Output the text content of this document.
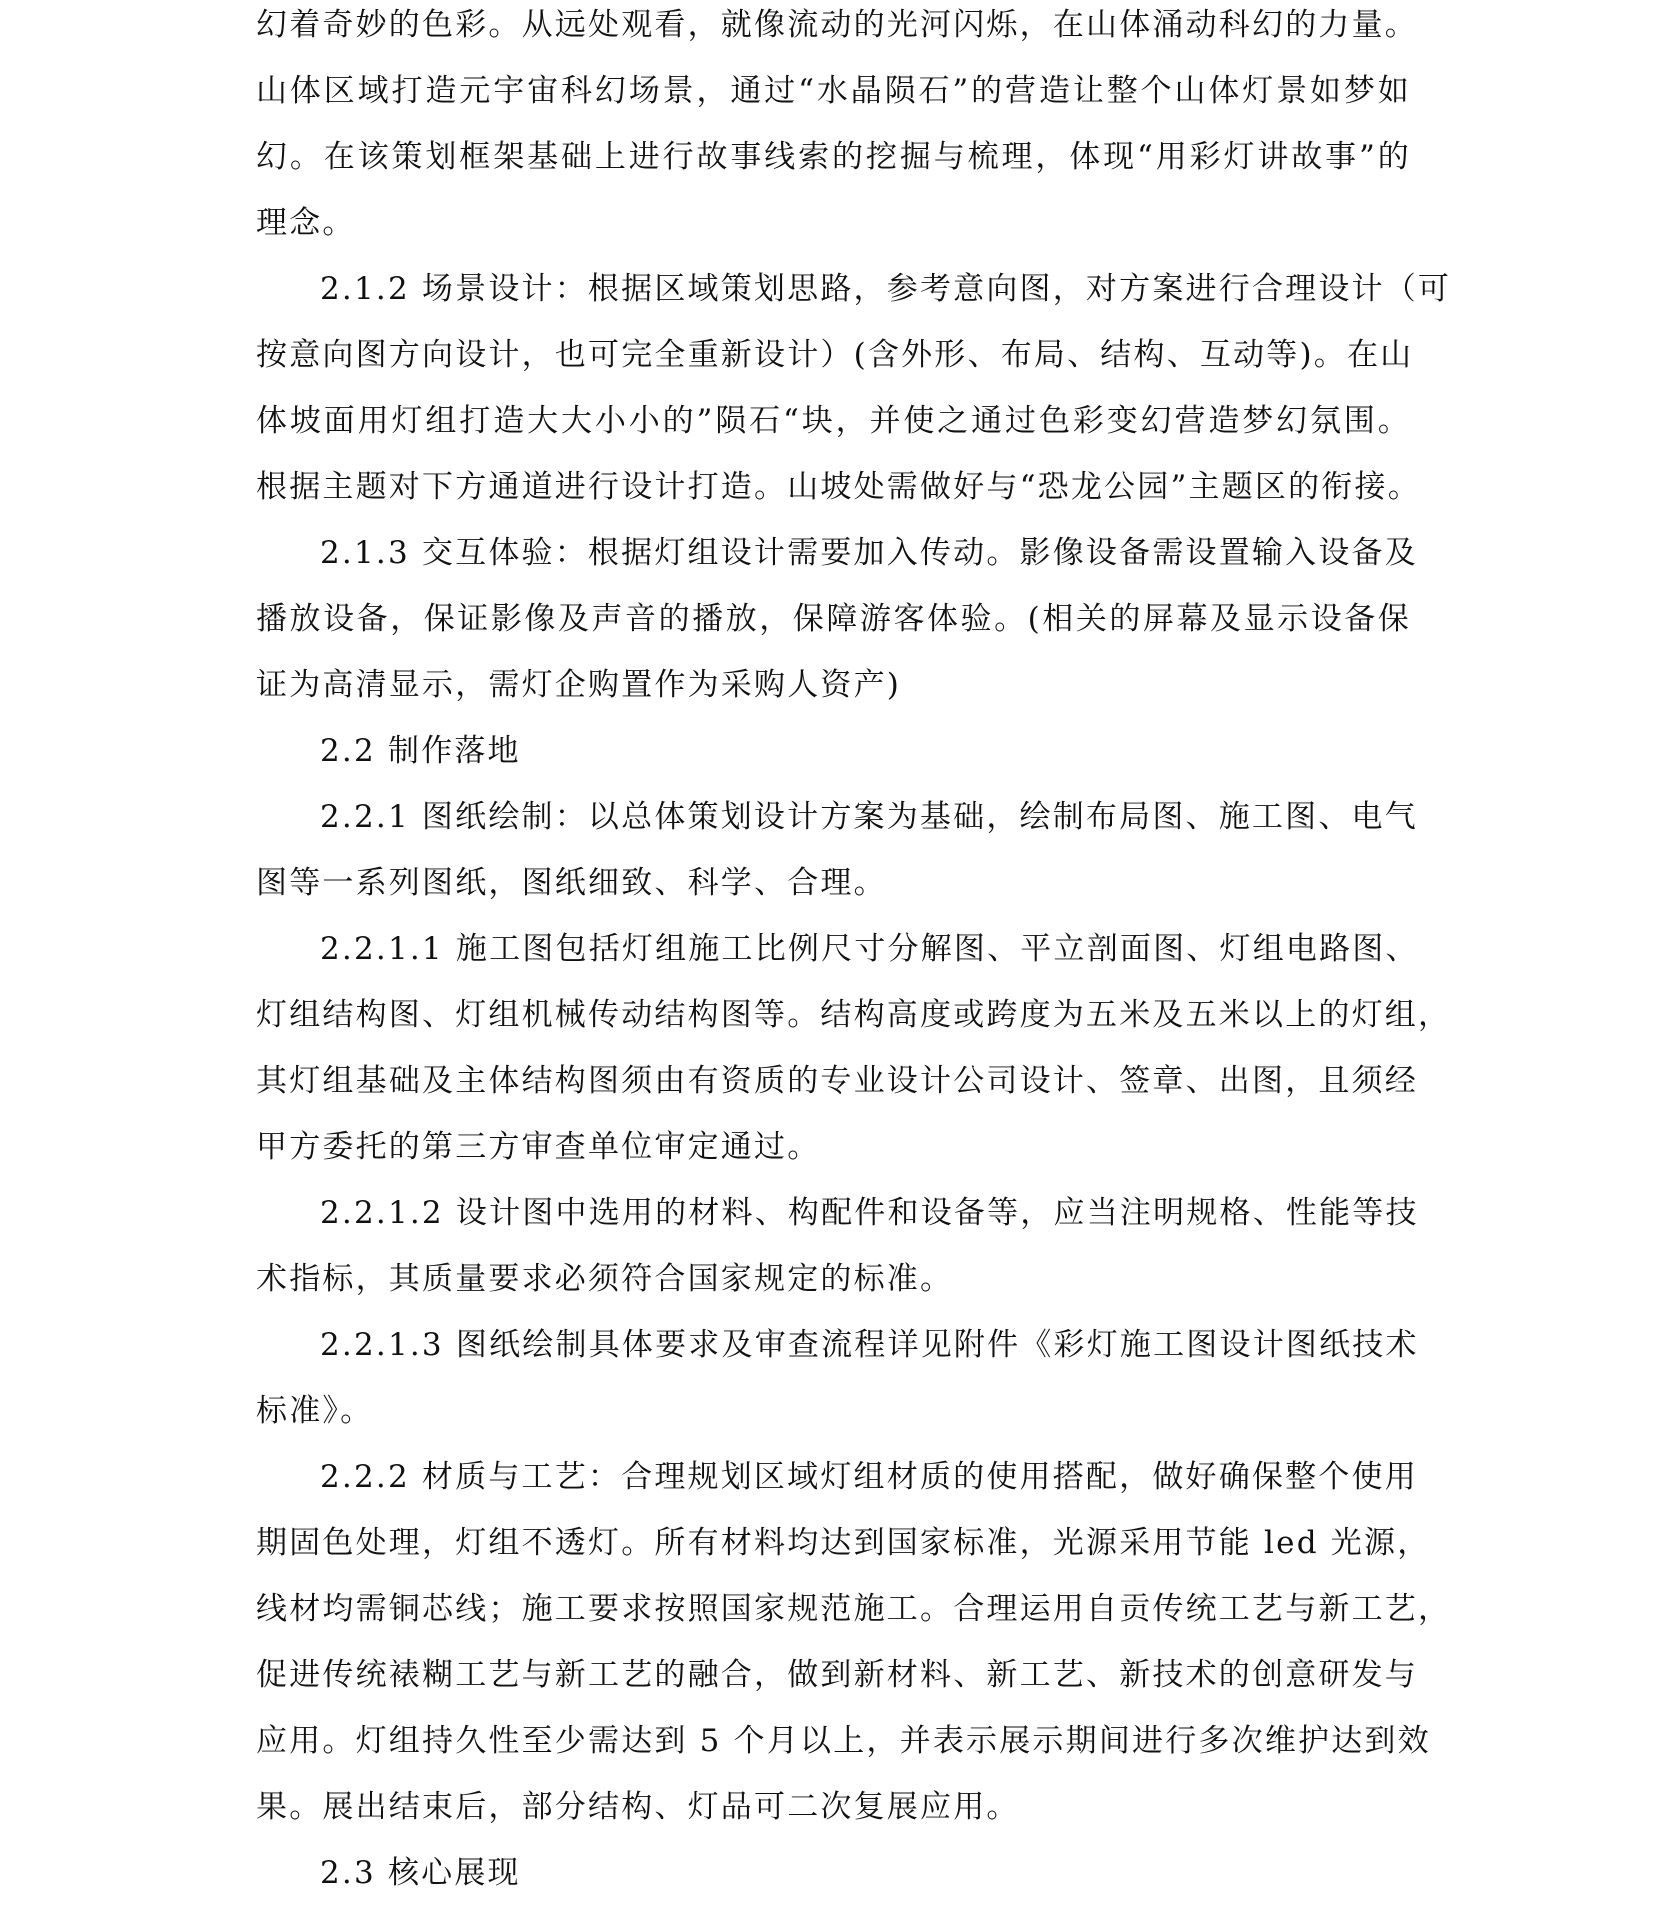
幻着奇妙的色彩。从远处观看，就像流动的光河闪烁，在山体涌动科幻的力量。
山体区域打造元宇宙科幻场景，通过“水晶陨石”的营造让整个山体灯景如梦如
幻。在该策划框架基础上进行故事线索的挖掘与梳理，体现“用彩灯讲故事”的
理念。
2.1.2 场景设计：根据区域策划思路，参考意向图，对方案进行合理设计（可
按意向图方向设计，也可完全重新设计）(含外形、布局、结构、互动等)。在山
体坡面用灯组打造大大小小的”陨石“块，并使之通过色彩变幻营造梦幻氛围。
根据主题对下方通道进行设计打造。山坡处需做好与“恐龙公园”主题区的衔接。
2.1.3 交互体验：根据灯组设计需要加入传动。影像设备需设置输入设备及
播放设备，保证影像及声音的播放，保障游客体验。(相关的屏幕及显示设备保
证为高清显示，需灯企购置作为采购人资产)
2.2 制作落地
2.2.1 图纸绘制：以总体策划设计方案为基础，绘制布局图、施工图、电气
图等一系列图纸，图纸细致、科学、合理。
2.2.1.1 施工图包括灯组施工比例尺寸分解图、平立剖面图、灯组电路图、
灯组结构图、灯组机械传动结构图等。结构高度或跨度为五米及五米以上的灯组，
其灯组基础及主体结构图须由有资质的专业设计公司设计、签章、出图，且须经
甲方委托的第三方审查单位审定通过。
2.2.1.2 设计图中选用的材料、构配件和设备等，应当注明规格、性能等技
术指标，其质量要求必须符合国家规定的标准。
2.2.1.3 图纸绘制具体要求及审查流程详见附件《彩灯施工图设计图纸技术
标准》。
2.2.2 材质与工艺：合理规划区域灯组材质的使用搭配，做好确保整个使用
期固色处理，灯组不透灯。所有材料均达到国家标准，光源采用节能 led 光源，
线材均需铜芯线；施工要求按照国家规范施工。合理运用自贡传统工艺与新工艺，
促进传统裱糊工艺与新工艺的融合，做到新材料、新工艺、新技术的创意研发与
应用。灯组持久性至少需达到 5 个月以上，并表示展示期间进行多次维护达到效
果。展出结束后，部分结构、灯品可二次复展应用。
2.3 核心展现
